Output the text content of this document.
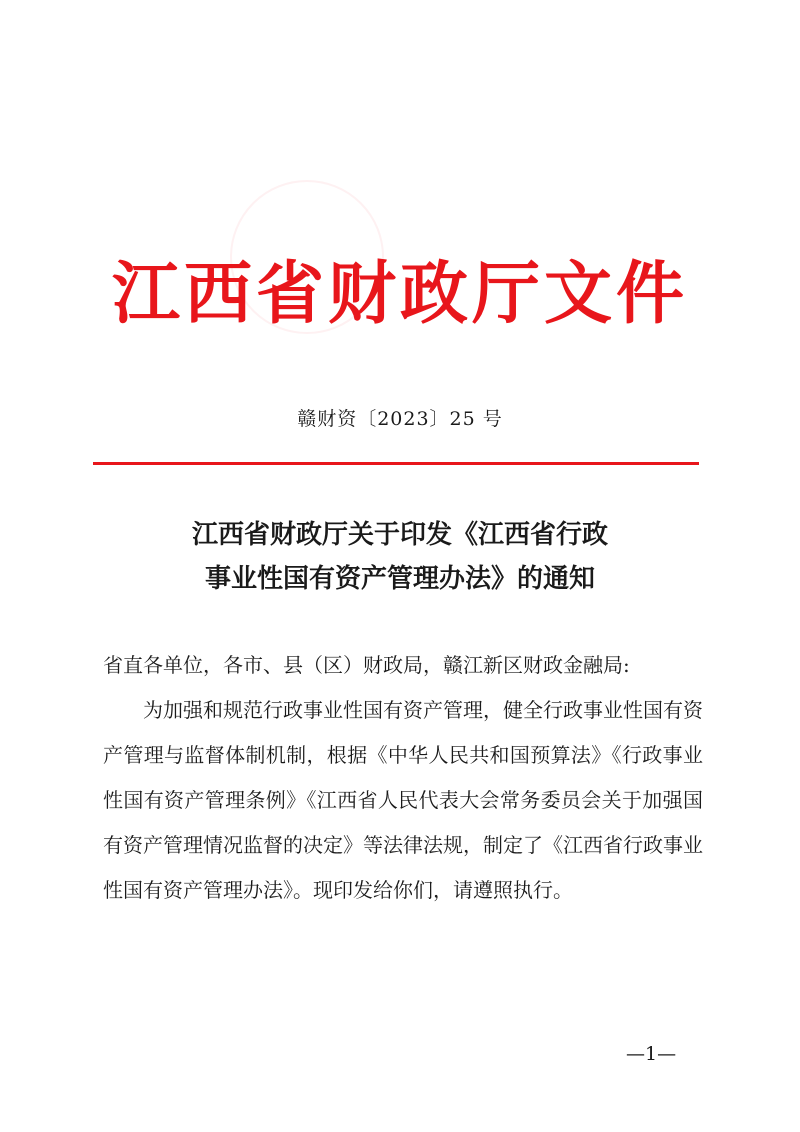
江西省财政厅文件
赣财资〔2023〕25 号
江西省财政厅关于印发《江西省行政
事业性国有资产管理办法》的通知

省直各单位，各市、县（区）财政局，赣江新区财政金融局:

为加强和规范行政事业性国有资产管理，健全行政事业性国有资产管理与监督体制机制，根据《中华人民共和国预算法》《行政事业性国有资产管理条例》《江西省人民代表大会常务委员会关于加强国有资产管理情况监督的决定》等法律法规，制定了《江西省行政事业性国有资产管理办法》。现印发给你们，请遵照执行。

—1—
